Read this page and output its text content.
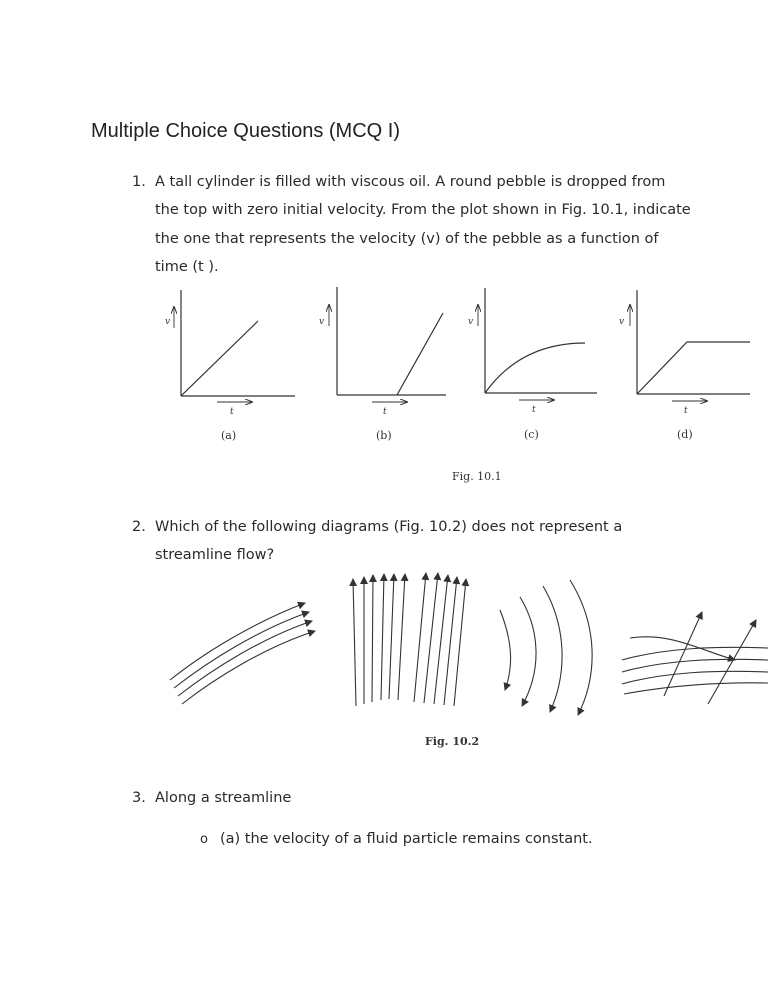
Multiple Choice Questions (MCQ I)
1. A tall cylinder is filled with viscous oil. A round pebble is dropped from the top with zero initial velocity. From the plot shown in Fig. 10.1, indicate the one that represents the velocity (v) of the pebble as a function of time (t ).
2. Which of the following diagrams (Fig. 10.2) does not represent a streamline flow?
3. Along a streamline
o (a) the velocity of a fluid particle remains constant.
v
t
(a)
v
t
(b)
v
t
(c)
v
t
(d)
Fig. 10.1
Fig. 10.2
